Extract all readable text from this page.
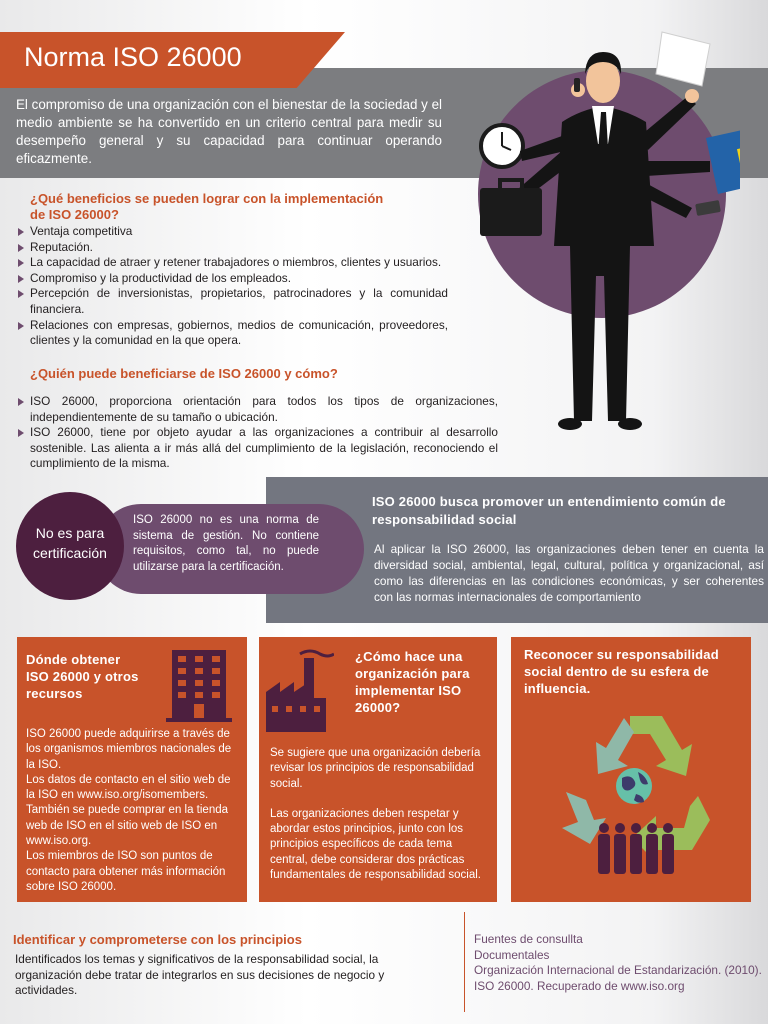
Norma ISO 26000

El compromiso de una organización con el bienestar de la sociedad y el medio ambiente se ha convertido en un criterio central para medir su desempeño general y su capacidad para continuar operando eficazmente.

¿Qué beneficios se pueden lograr con la implementación
de ISO 26000?
Ventaja competitiva
Reputación.
La capacidad de atraer y retener trabajadores o miembros, clientes y usuarios.
Compromiso y la productividad de los empleados.
Percepción de inversionistas, propietarios, patrocinadores y la comunidad financiera.
Relaciones con empresas, gobiernos, medios de comunicación, proveedores, clientes y la comunidad en la que opera.
¿Quién puede beneficiarse de ISO 26000 y cómo?
ISO 26000, proporciona orientación para todos los tipos de organizaciones, independientemente de su tamaño o ubicación.
ISO 26000, tiene por objeto ayudar a las organizaciones a contribuir al desarrollo sostenible. Las alienta a ir más allá del cumplimiento de la legislación, reconociendo el cumplimiento de la misma.
ISO 26000 busca promover un entendimiento común de responsabilidad social

Al aplicar la ISO 26000, las organizaciones deben tener en cuenta la diversidad social, ambiental, legal, cultural, política y organizacional, así como las diferencias en las condiciones económicas, y ser coherentes con las normas internacionales de comportamiento

No es para certificación

ISO 26000 no es una norma de sistema de gestión. No contiene requisitos, como tal, no puede utilizarse para la certificación.

Dónde obtener ISO 26000 y otros recursos
ISO 26000 puede adquirirse a través de los organismos miembros nacionales de la ISO.
Los datos de contacto en el sitio web de la ISO en www.iso.org/isomembers.
También se puede comprar en la tienda web de ISO en el sitio web de ISO en www.iso.org.
Los miembros de ISO son puntos de contacto para obtener más información sobre ISO 26000.
¿Cómo hace una organización para implementar ISO 26000?
Se sugiere que una organización debería revisar los principios de responsabilidad social.
Las organizaciones deben respetar y abordar estos principios, junto con los principios específicos de cada tema central, debe considerar dos prácticas fundamentales de responsabilidad social.
Reconocer su responsabilidad social dentro de su esfera de influencia.
Identificar y comprometerse con los principios

Identificados los temas y significativos de la responsabilidad social, la organización debe tratar de integrarlos en sus decisiones de negocio y actividades.

Fuentes de consullta
Documentales
Organización Internacional de Estandarización. (2010).
ISO 26000. Recuperado de www.iso.org
